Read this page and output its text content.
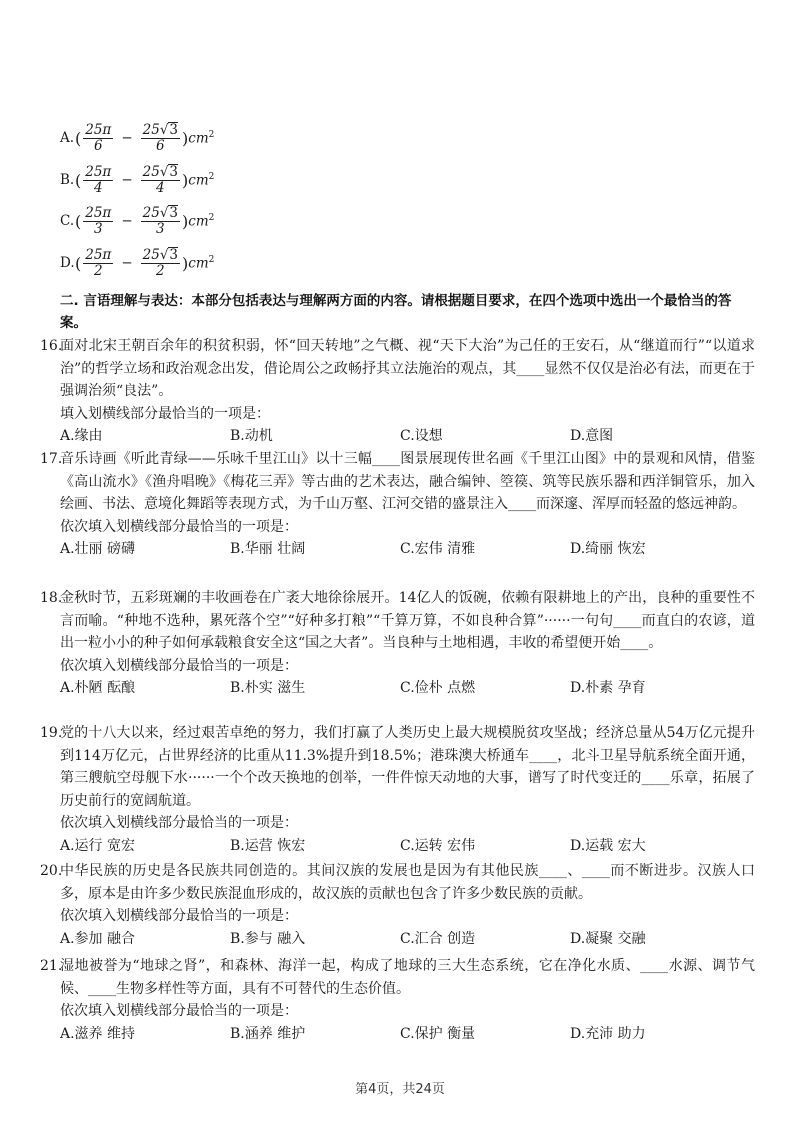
A. ( $\frac{25\pi}{6} - \frac{25√3}{6}$ ) $cm^2$
B. ( $\frac{25\pi}{4} - \frac{25√3}{4}$ ) $cm^2$
C. ( $\frac{25\pi}{3} - \frac{25√3}{3}$ ) $cm^2$
D. ( $\frac{25\pi}{2} - \frac{25√3}{2}$ ) $cm^2$
二. 言语理解与表达：本部分包括表达与理解两方面的内容。请根据题目要求，在四个选项中选出一个最恰当的答案。
16.
面对北宋王朝百余年的积贫积弱，怀“回天转地”之气概、视“天下大治”为己任的王安石，从“继道而行”“以道求治”的哲学立场和政治观念出发，借论周公之政畅抒其立法施治的观点，其____显然不仅仅是治必有法，而更在于强调治须“良法”。
填入划横线部分最恰当的一项是：
A.缘由	B.动机	C.设想	D.意图
17.
音乐诗画《听此青绿——乐咏千里江山》以十三幅____图景展现传世名画《千里江山图》中的景观和风情，借鉴《高山流水》《渔舟唱晚》《梅花三弄》等古曲的艺术表达，融合编钟、箜篌、筑等民族乐器和西洋铜管乐，加入绘画、书法、意境化舞蹈等表现方式，为千山万壑、江河交错的盛景注入____而深邃、浑厚而轻盈的悠远神韵。
依次填入划横线部分最恰当的一项是：
A.壮丽 磅礴	B.华丽 壮阔	C.宏伟 清雅	D.绮丽 恢宏
18.
金秋时节，五彩斑斓的丰收画卷在广袤大地徐徐展开。14亿人的饭碗，依赖有限耕地上的产出，良种的重要性不言而喻。“种地不选种，累死落个空”“好种多打粮”“千算万算，不如良种合算”······一句句____而直白的农谚，道出一粒小小的种子如何承载粮食安全这“国之大者”。当良种与土地相遇，丰收的希望便开始____。
依次填入划横线部分最恰当的一项是：
A.朴陋 酝酿	B.朴实 滋生	C.俭朴 点燃	D.朴素 孕育
19.
党的十八大以来，经过艰苦卓绝的努力，我们打赢了人类历史上最大规模脱贫攻坚战；经济总量从54万亿元提升到114万亿元，占世界经济的比重从11.3%提升到18.5%；港珠澳大桥通车____，北斗卫星导航系统全面开通，第三艘航空母舰下水······一个个改天换地的创举，一件件惊天动地的大事，谱写了时代变迁的____乐章，拓展了历史前行的宽阔航道。
依次填入划横线部分最恰当的一项是：
A.运行 宽宏	B.运营 恢宏	C.运转 宏伟	D.运载 宏大
20.
中华民族的历史是各民族共同创造的。其间汉族的发展也是因为有其他民族____、____而不断进步。汉族人口多，原本是由许多少数民族混血形成的，故汉族的贡献也包含了许多少数民族的贡献。
依次填入划横线部分最恰当的一项是：
A.参加 融合	B.参与 融入	C.汇合 创造	D.凝聚 交融
21.
湿地被誉为“地球之肾”，和森林、海洋一起，构成了地球的三大生态系统，它在净化水质、____水源、调节气候、____生物多样性等方面，具有不可替代的生态价值。
依次填入划横线部分最恰当的一项是：
A.滋养 维持	B.涵养 维护	C.保护 衡量	D.充沛 助力
第4页，共24页
